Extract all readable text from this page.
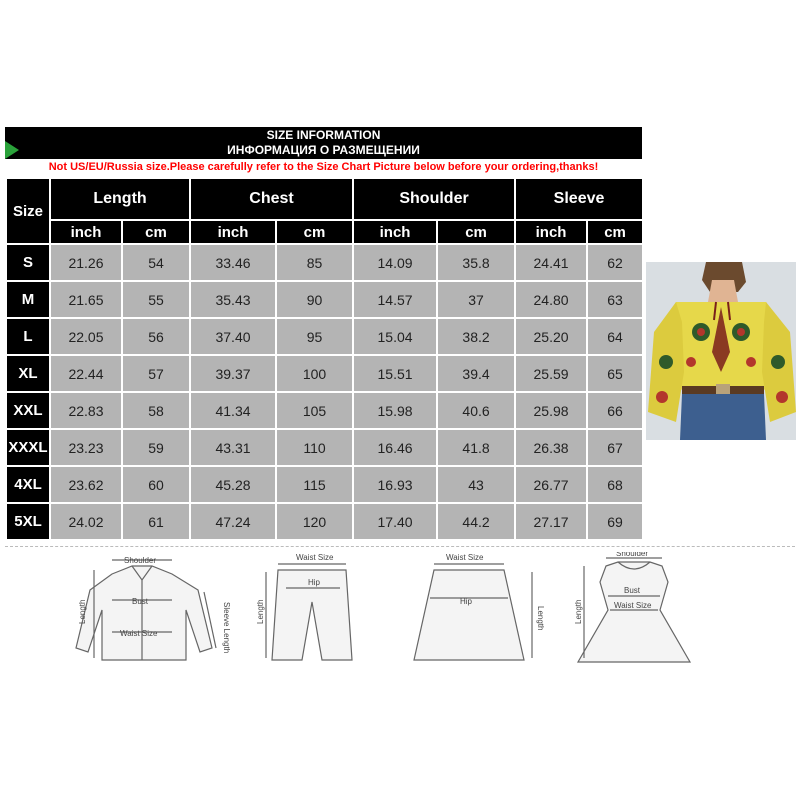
SIZE INFORMATION
ИНФОРМАЦИЯ О РАЗМЕЩЕНИИ
Not US/EU/Russia size.Please carefully refer to the Size Chart Picture below before your ordering,thanks!
Size	Length		Chest		Shoulder		Sleeve	
	inch	cm	inch	cm	inch	cm	inch	cm
S	21.26	54	33.46	85	14.09	35.8	24.41	62
M	21.65	55	35.43	90	14.57	37	24.80	63
L	22.05	56	37.40	95	15.04	38.2	25.20	64
XL	22.44	57	39.37	100	15.51	39.4	25.59	65
XXL	22.83	58	41.34	105	15.98	40.6	25.98	66
XXXL	23.23	59	43.31	110	16.46	41.8	26.38	67
4XL	23.62	60	45.28	115	16.93	43	26.77	68
5XL	24.02	61	47.24	120	17.40	44.2	27.17	69
Shoulder
Bust
Waist Size
Length	Sleeve Length
Waist Size
Hip
Length
Waist Size
Hip
Length
Shoulder
Bust
Waist Size
Length
